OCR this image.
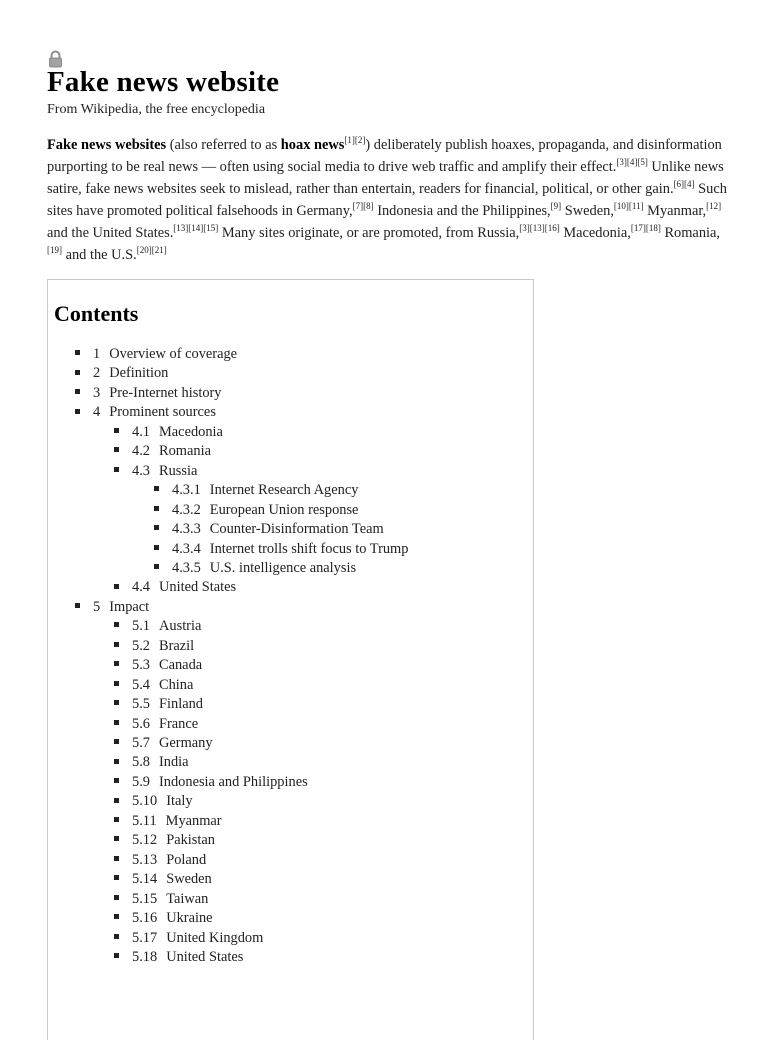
Fake news website
From Wikipedia, the free encyclopedia
Fake news websites (also referred to as hoax news[1][2]) deliberately publish hoaxes, propaganda, and disinformation purporting to be real news — often using social media to drive web traffic and amplify their effect.[3][4][5] Unlike news satire, fake news websites seek to mislead, rather than entertain, readers for financial, political, or other gain.[6][4] Such sites have promoted political falsehoods in Germany,[7][8] Indonesia and the Philippines,[9] Sweden,[10][11] Myanmar,[12] and the United States.[13][14][15] Many sites originate, or are promoted, from Russia,[3][13][16] Macedonia,[17][18] Romania,[19] and the U.S.[20][21]
Contents
1 Overview of coverage
2 Definition
3 Pre-Internet history
4 Prominent sources
4.1 Macedonia
4.2 Romania
4.3 Russia
4.3.1 Internet Research Agency
4.3.2 European Union response
4.3.3 Counter-Disinformation Team
4.3.4 Internet trolls shift focus to Trump
4.3.5 U.S. intelligence analysis
4.4 United States
5 Impact
5.1 Austria
5.2 Brazil
5.3 Canada
5.4 China
5.5 Finland
5.6 France
5.7 Germany
5.8 India
5.9 Indonesia and Philippines
5.10 Italy
5.11 Myanmar
5.12 Pakistan
5.13 Poland
5.14 Sweden
5.15 Taiwan
5.16 Ukraine
5.17 United Kingdom
5.18 United States
